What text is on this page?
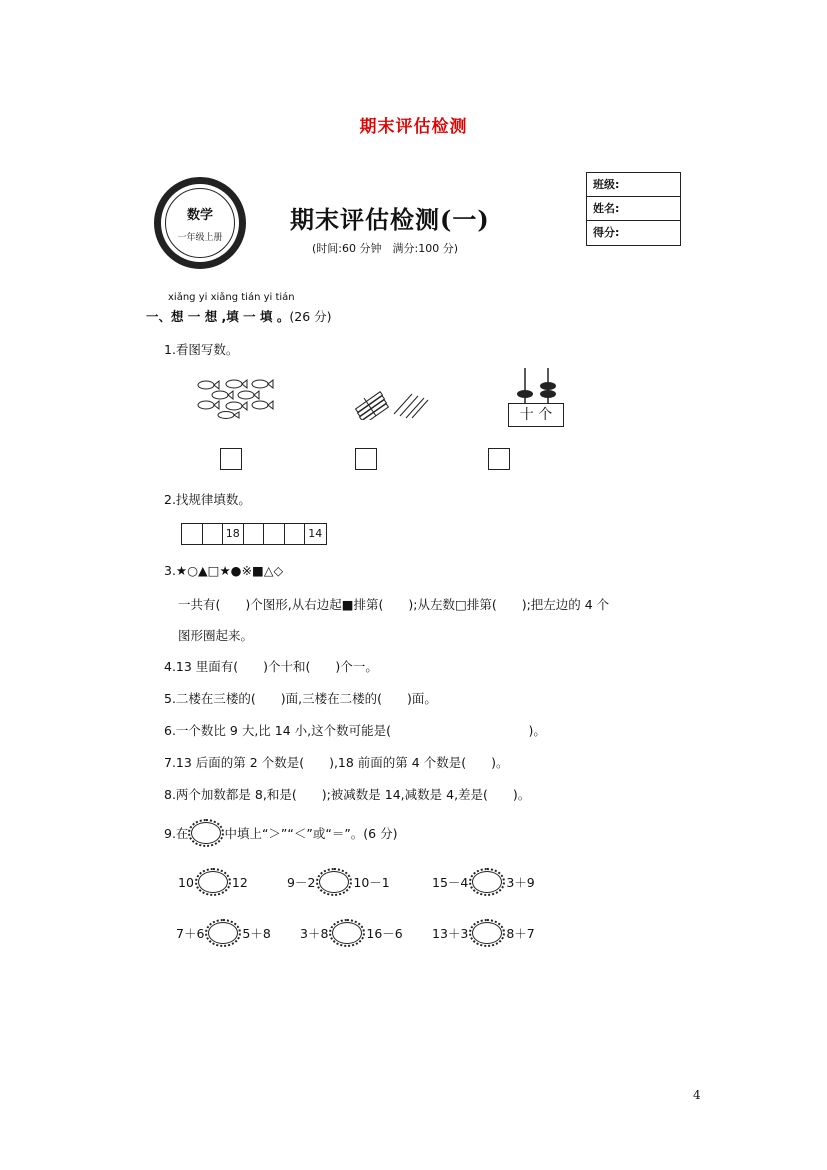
期末评估检测
数学
一年级上册
期末评估检测(一)
(时间:60 分钟　满分:100 分)
班级:
姓名:
得分:
xiǎng yi xiǎng tián yi tián
一、想 一 想 ,填 一 填 。(26 分)
1.看图写数。
十 个
2.找规律填数。
18	14
3.★○▲□★●※■△◇
一共有(　　)个图形,从右边起■排第(　　);从左数□排第(　　);把左边的 4 个
图形圈起来。
4.13 里面有(　　)个十和(　　)个一。
5.二楼在三楼的(　　)面,三楼在二楼的(　　)面。
6.一个数比 9 大,比 14 小,这个数可能是(　　　　　　　　　　　)。
7.13 后面的第 2 个数是(　　),18 前面的第 4 个数是(　　)。
8.两个加数都是 8,和是(　　);被减数是 14,减数是 4,差是(　　)。
9.在	中填上“＞”“＜”或“＝”。(6 分)
10	12	9－2	10－1	15－4	3＋9
7＋6	5＋8 3＋8	16－6 13＋3	8＋7
4
